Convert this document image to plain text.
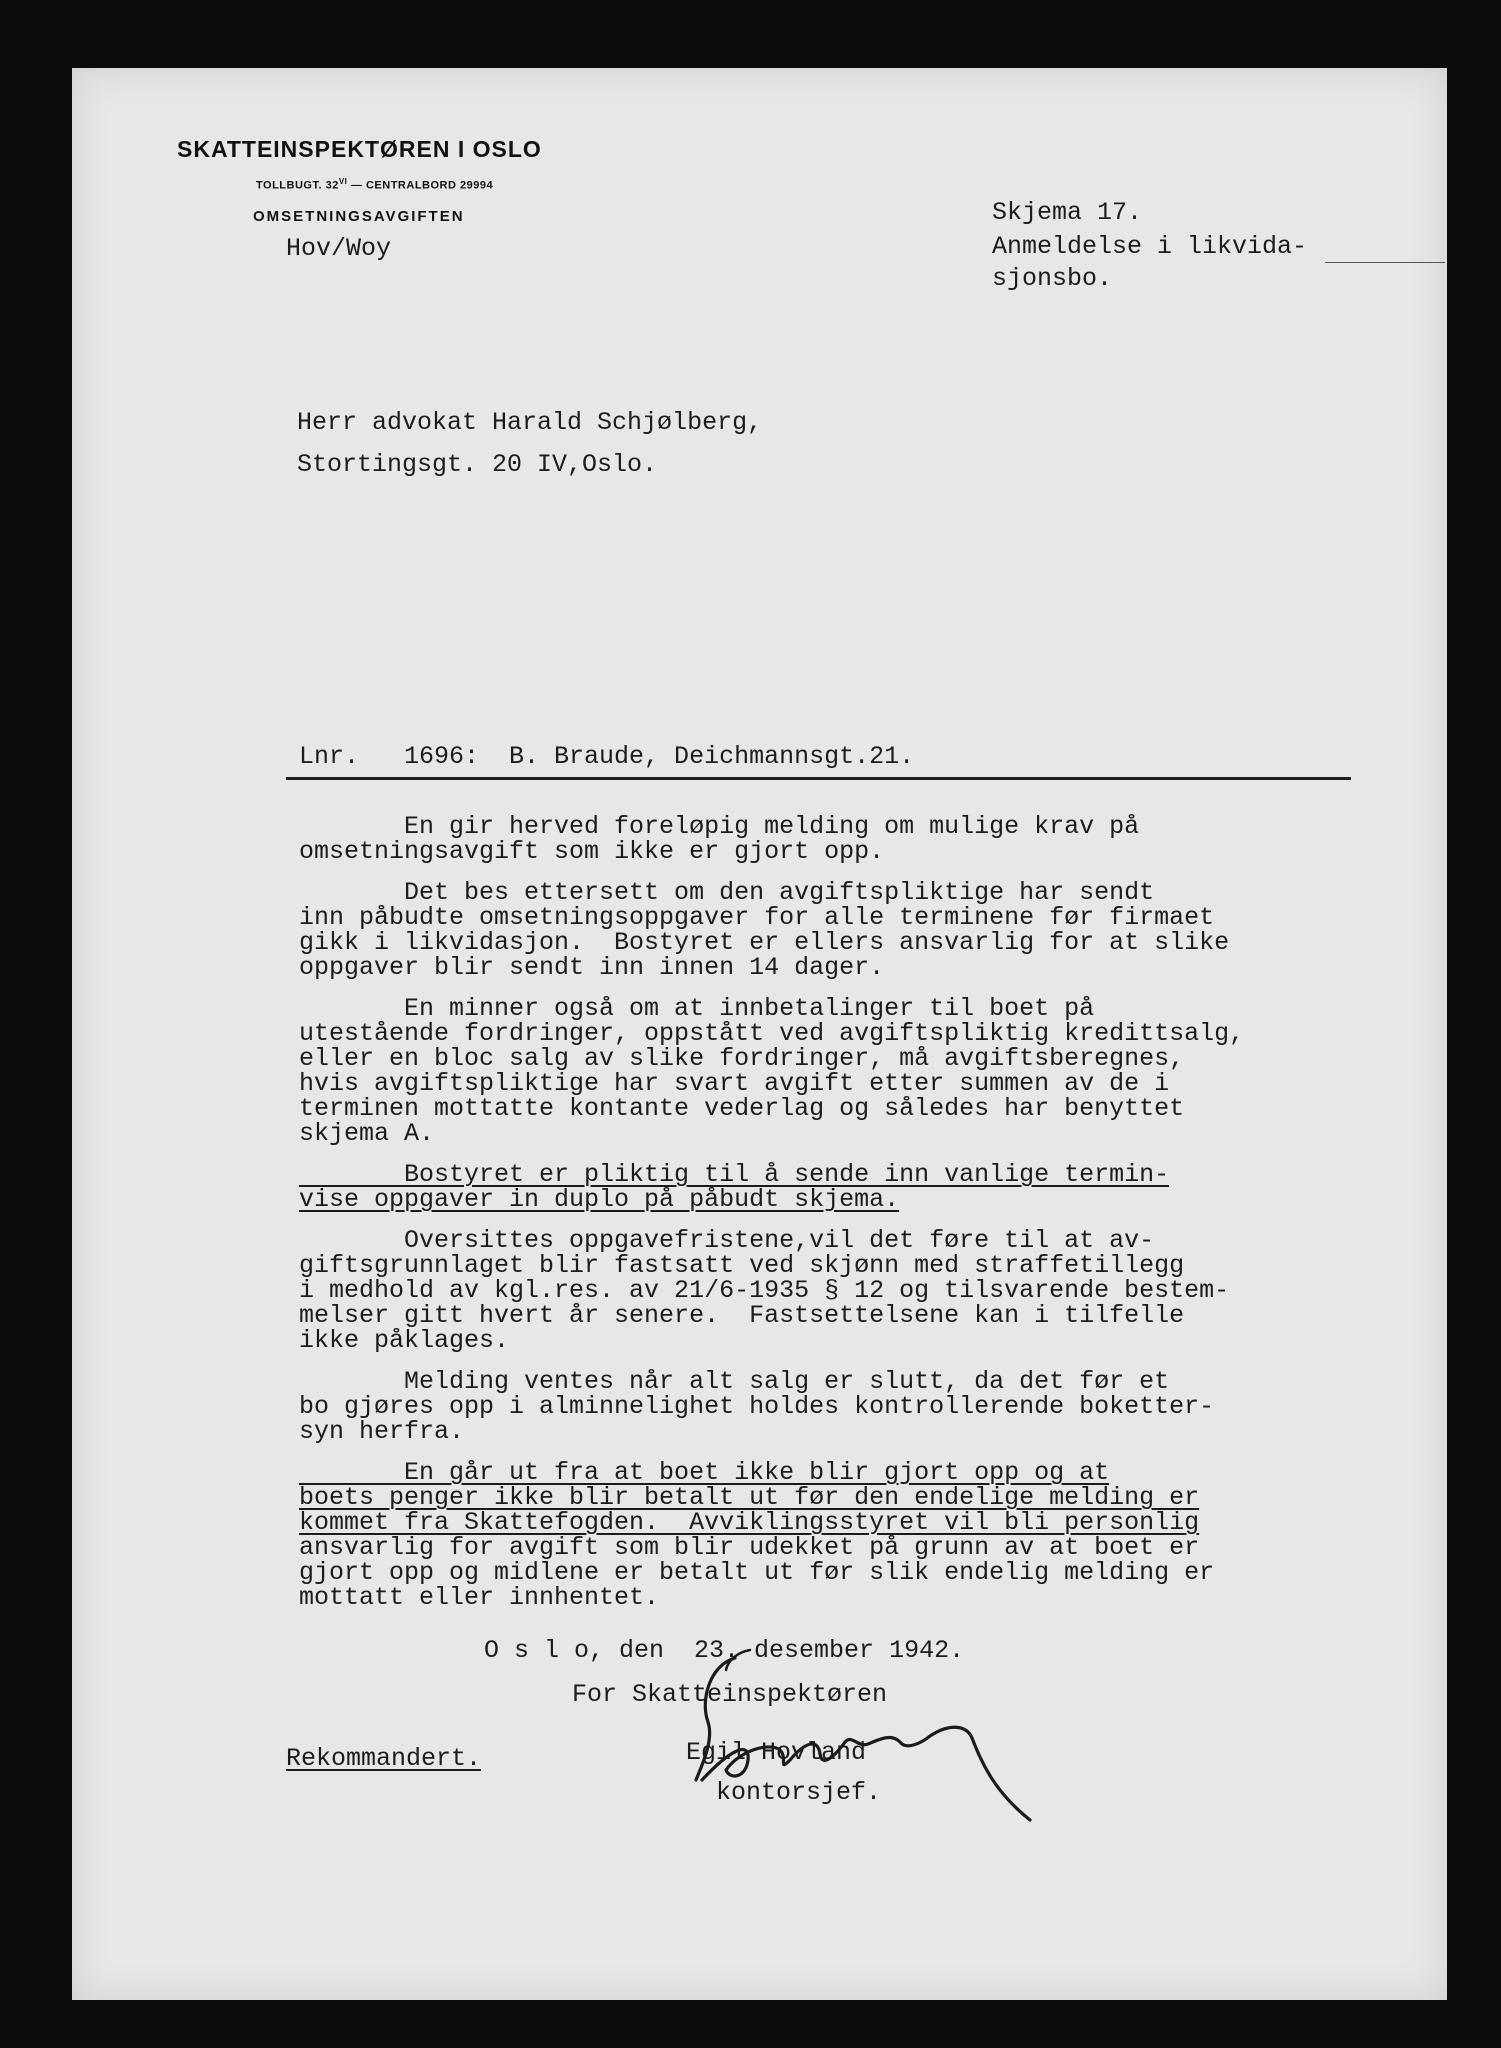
SKATTEINSPEKTØREN I OSLO
TOLLBUGT. $32^{VI}$ — CENTRALBORD 29994
OMSETNINGSAVGIFTEN
Hov/Woy
Skjema 17.
Anmeldelse i likvida-
sjonsbo.
Herr advokat Harald Schjølberg,
Stortingsgt. 20 IV,Oslo.
Lnr.   1696:  B. Braude, Deichmannsgt.21.
En gir herved foreløpig melding om mulige krav på
omsetningsavgift som ikke er gjort opp.
Det bes ettersett om den avgiftspliktige har sendt
inn påbudte omsetningsoppgaver for alle terminene før firmaet
gikk i likvidasjon.  Bostyret er ellers ansvarlig for at slike
oppgaver blir sendt inn innen 14 dager.
En minner også om at innbetalinger til boet på
utestående fordringer, oppstått ved avgiftspliktig kredittsalg,
eller en bloc salg av slike fordringer, må avgiftsberegnes,
hvis avgiftspliktige har svart avgift etter summen av de i
terminen mottatte kontante vederlag og således har benyttet
skjema A.
Bostyret er pliktig til å sende inn vanlige termin-
vise oppgaver in duplo på påbudt skjema.
Oversittes oppgavefristene,vil det føre til at av-
giftsgrunnlaget blir fastsatt ved skjønn med straffetillegg
i medhold av kgl.res. av 21/6-1935 § 12 og tilsvarende bestem-
melser gitt hvert år senere.  Fastsettelsene kan i tilfelle
ikke påklages.
Melding ventes når alt salg er slutt, da det før et
bo gjøres opp i alminnelighet holdes kontrollerende boketter-
syn herfra.
En går ut fra at boet ikke blir gjort opp og at
boets penger ikke blir betalt ut før den endelige melding er
kommet fra Skattefogden.  Avviklingsstyret vil bli personlig
ansvarlig for avgift som blir udekket på grunn av at boet er
gjort opp og midlene er betalt ut før slik endelig melding er
mottatt eller innhentet.
O s l o, den  23. desember 1942.
For Skatteinspektøren
Rekommandert.	Egil Hovland
kontorsjef.
